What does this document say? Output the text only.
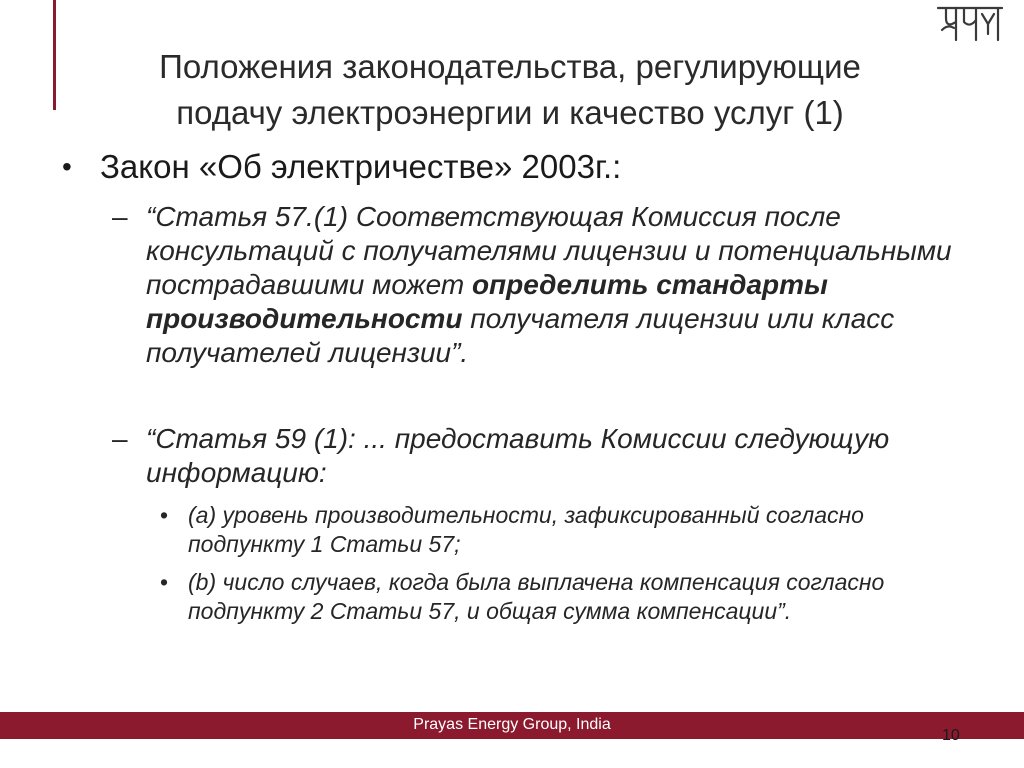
Положения законодательства, регулирующие
подачу электроэнергии и качество услуг (1)
• Закон «Об электричестве» 2003г.:
– “Статья 57.(1) Соответствующая Комиссия после консультаций с получателями лицензии и потенциальными пострадавшими может определить стандарты производительности получателя лицензии или класс получателей лицензии”.
– “Статья 59 (1): ... предоставить Комиссии следующую информацию:
• (a) уровень производительности, зафиксированный согласно подпункту 1 Статьи 57;
• (b) число случаев, когда была выплачена компенсация согласно подпункту 2 Статьи 57, и общая сумма компенсации”.
Prayas Energy Group, India
10
